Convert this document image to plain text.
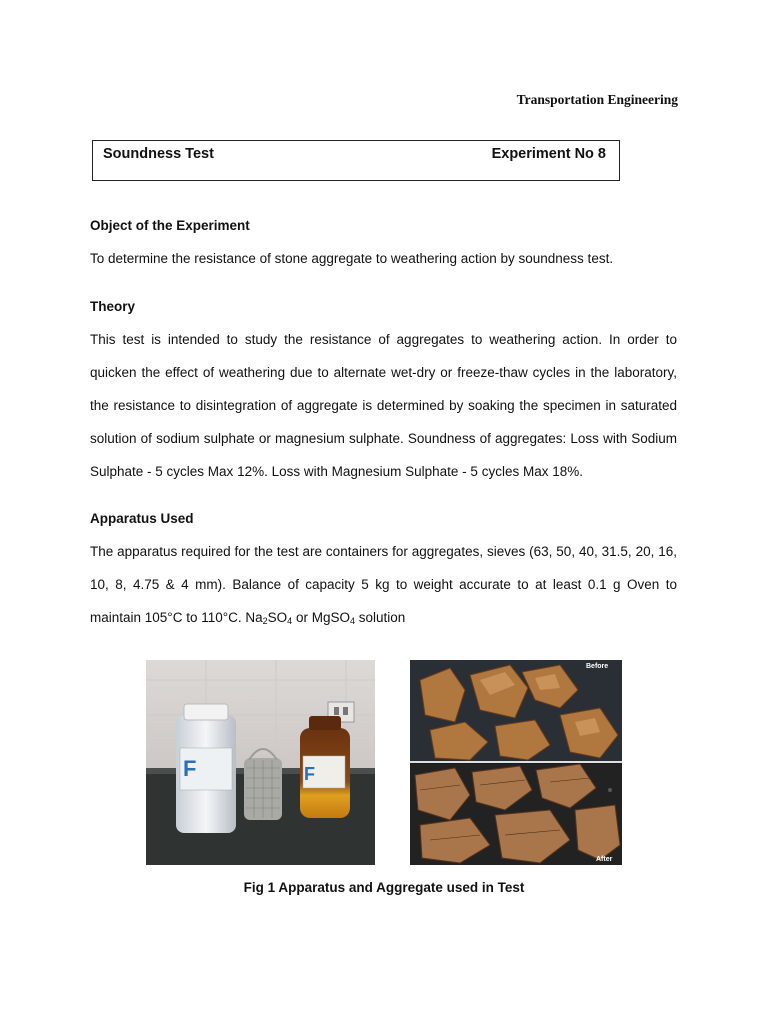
Transportation Engineering
Soundness Test	Experiment No 8
Object of the Experiment

To determine the resistance of stone aggregate to weathering action by soundness test.

Theory

This test is intended to study the resistance of aggregates to weathering action. In order to quicken the effect of weathering due to alternate wet-dry or freeze-thaw cycles in the laboratory, the resistance to disintegration of aggregate is determined by soaking the specimen in saturated solution of sodium sulphate or magnesium sulphate. Soundness of aggregates: Loss with Sodium Sulphate - 5 cycles Max 12%. Loss with Magnesium Sulphate - 5 cycles Max 18%.

Apparatus Used

The apparatus required for the test are containers for aggregates, sieves (63, 50, 40, 31.5, 20, 16, 10, 8, 4.75 & 4 mm). Balance of capacity 5 kg to weight accurate to at least 0.1 g Oven to maintain 105°C to 110°C. $Na_2SO_4$ or MgSO$_4$ solution

F	F
Before
After
Fig 1 Apparatus and Aggregate used in Test
